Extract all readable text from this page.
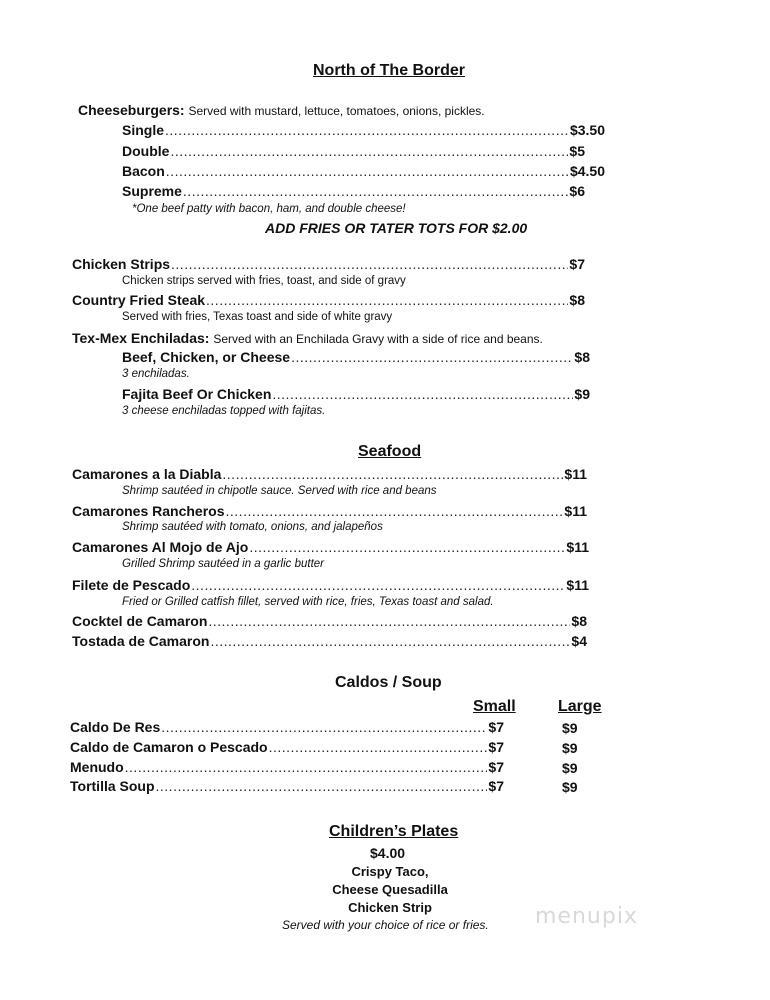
North of The Border
Cheeseburgers: Served with mustard, lettuce, tomatoes, onions, pickles.
Single .....	$3.50
Double .....	$5
Bacon .....	$4.50
Supreme .....	$6
*One beef patty with bacon, ham, and double cheese!
ADD FRIES OR TATER TOTS FOR $2.00
Chicken Strips .....	$7
Chicken strips served with fries, toast, and side of gravy
Country Fried Steak .....	$8
Served with fries, Texas toast and side of white gravy
Tex-Mex Enchiladas: Served with an Enchilada Gravy with a side of rice and beans.
Beef, Chicken, or Cheese .....	$8
3 enchiladas.
Fajita Beef Or Chicken .....	$9
3 cheese enchiladas topped with fajitas.
Seafood
Camarones a la Diabla .....	$11
Shrimp sautéed in chipotle sauce. Served with rice and beans
Camarones Rancheros .....	$11
Shrimp sautéed with tomato, onions, and jalapeños
Camarones Al Mojo de Ajo .....	$11
Grilled Shrimp sautéed in a garlic butter
Filete de Pescado .....	$11
Fried or Grilled catfish fillet, served with rice, fries, Texas toast and salad.
Cocktel de Camaron .....	$8
Tostada de Camaron .....	$4
Caldos / Soup
Small	Large
Caldo De Res .....	$7	$9
Caldo de Camaron o Pescado .....	$7	$9
Menudo .....	$7	$9
Tortilla Soup .....	$7	$9
Children’s Plates
$4.00
Crispy Taco,
Cheese Quesadilla
Chicken Strip
Served with your choice of rice or fries. menupix
